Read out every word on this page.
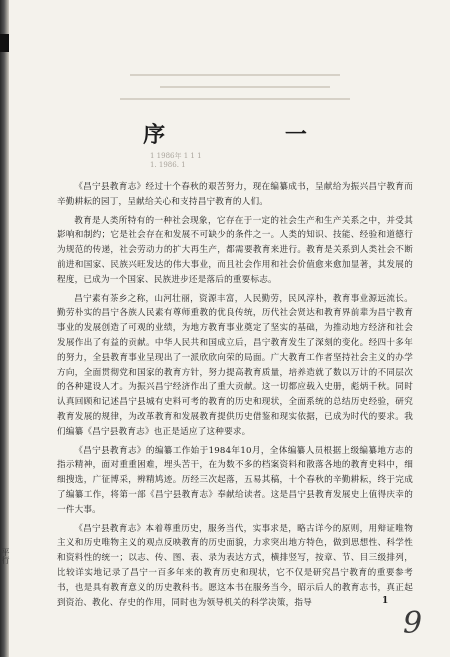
平行
序 一
1 1986年 1 1 1
1. 1986. 1

《昌宁县教育志》经过十个春秋的艰苦努力，现在编纂成书，呈献给为振兴昌宁教育而辛勤耕耘的园丁，呈献给关心和支持昌宁教育的人们。

教育是人类所特有的一种社会现象，它存在于一定的社会生产和生产关系之中，并受其影响和制约；它是社会存在和发展不可缺少的条件之一。人类的知识、技能、经验和道德行为规范的传递，社会劳动力的扩大再生产，都需要教育来进行。教育是关系到人类社会不断前进和国家、民族兴旺发达的伟大事业，而且社会作用和社会价值愈来愈加显著，其发展的程度，已成为一个国家、民族进步还是落后的重要标志。

昌宁素有茶乡之称，山河壮丽，资源丰富，人民勤劳，民风淳朴，教育事业源远流长。勤劳朴实的昌宁各族人民素有尊师重教的优良传统，历代社会贤达和教育界前辈为昌宁教育事业的发展创造了可观的业绩，为地方教育事业奠定了坚实的基础，为推动地方经济和社会发展作出了有益的贡献。中华人民共和国成立后，昌宁教育发生了深刻的变化。经四十多年的努力，全县教育事业呈现出了一派欣欣向荣的局面。广大教育工作者坚持社会主义的办学方向，全面贯彻党和国家的教育方针，努力提高教育质量，培养造就了数以万计的不同层次的各种建设人才。为振兴昌宁经济作出了重大贡献。这一切都应载入史册，彪炳千秋。同时认真回顾和记述昌宁县城有史料可考的教育的历史和现状，全面系统的总结历史经验，研究教育发展的规律，为改革教育和发展教育提供历史借鉴和现实依据，已成为时代的要求。我们编纂《昌宁县教育志》也正是适应了这种要求。

《昌宁县教育志》的编纂工作始于1984年10月，全体编纂人员根据上级编纂地方志的指示精神，面对重重困难，埋头苦干，在为数不多的档案资料和散落各地的教育史料中，细细搜选，广征博采，辨精鸠迹。历经三次起落，五易其稿，十个春秋的辛勤耕耘，终于完成了编纂工作，将第一部《昌宁县教育志》奉献给读者。这是昌宁县教育发展史上值得庆幸的一件大事。

《昌宁县教育志》本着尊重历史，服务当代，实事求是，略古详今的原则，用辩证唯物主义和历史唯物主义的观点反映教育的历史面貌，力求突出地方特色，做到思想性、科学性和资料性的统一；以志、传、图、表、录为表达方式，横排竖写，按章、节、目三级排列，比较详实地记录了昌宁一百多年来的教育历史和现状，它不仅是研究昌宁教育的重要参考书，也是具有教育意义的历史教科书。愿这本书在服务当今，昭示后人的教育志书，真正起到资治、教化、存史的作用，同时也为领导机关的科学决策，指导	1
9
